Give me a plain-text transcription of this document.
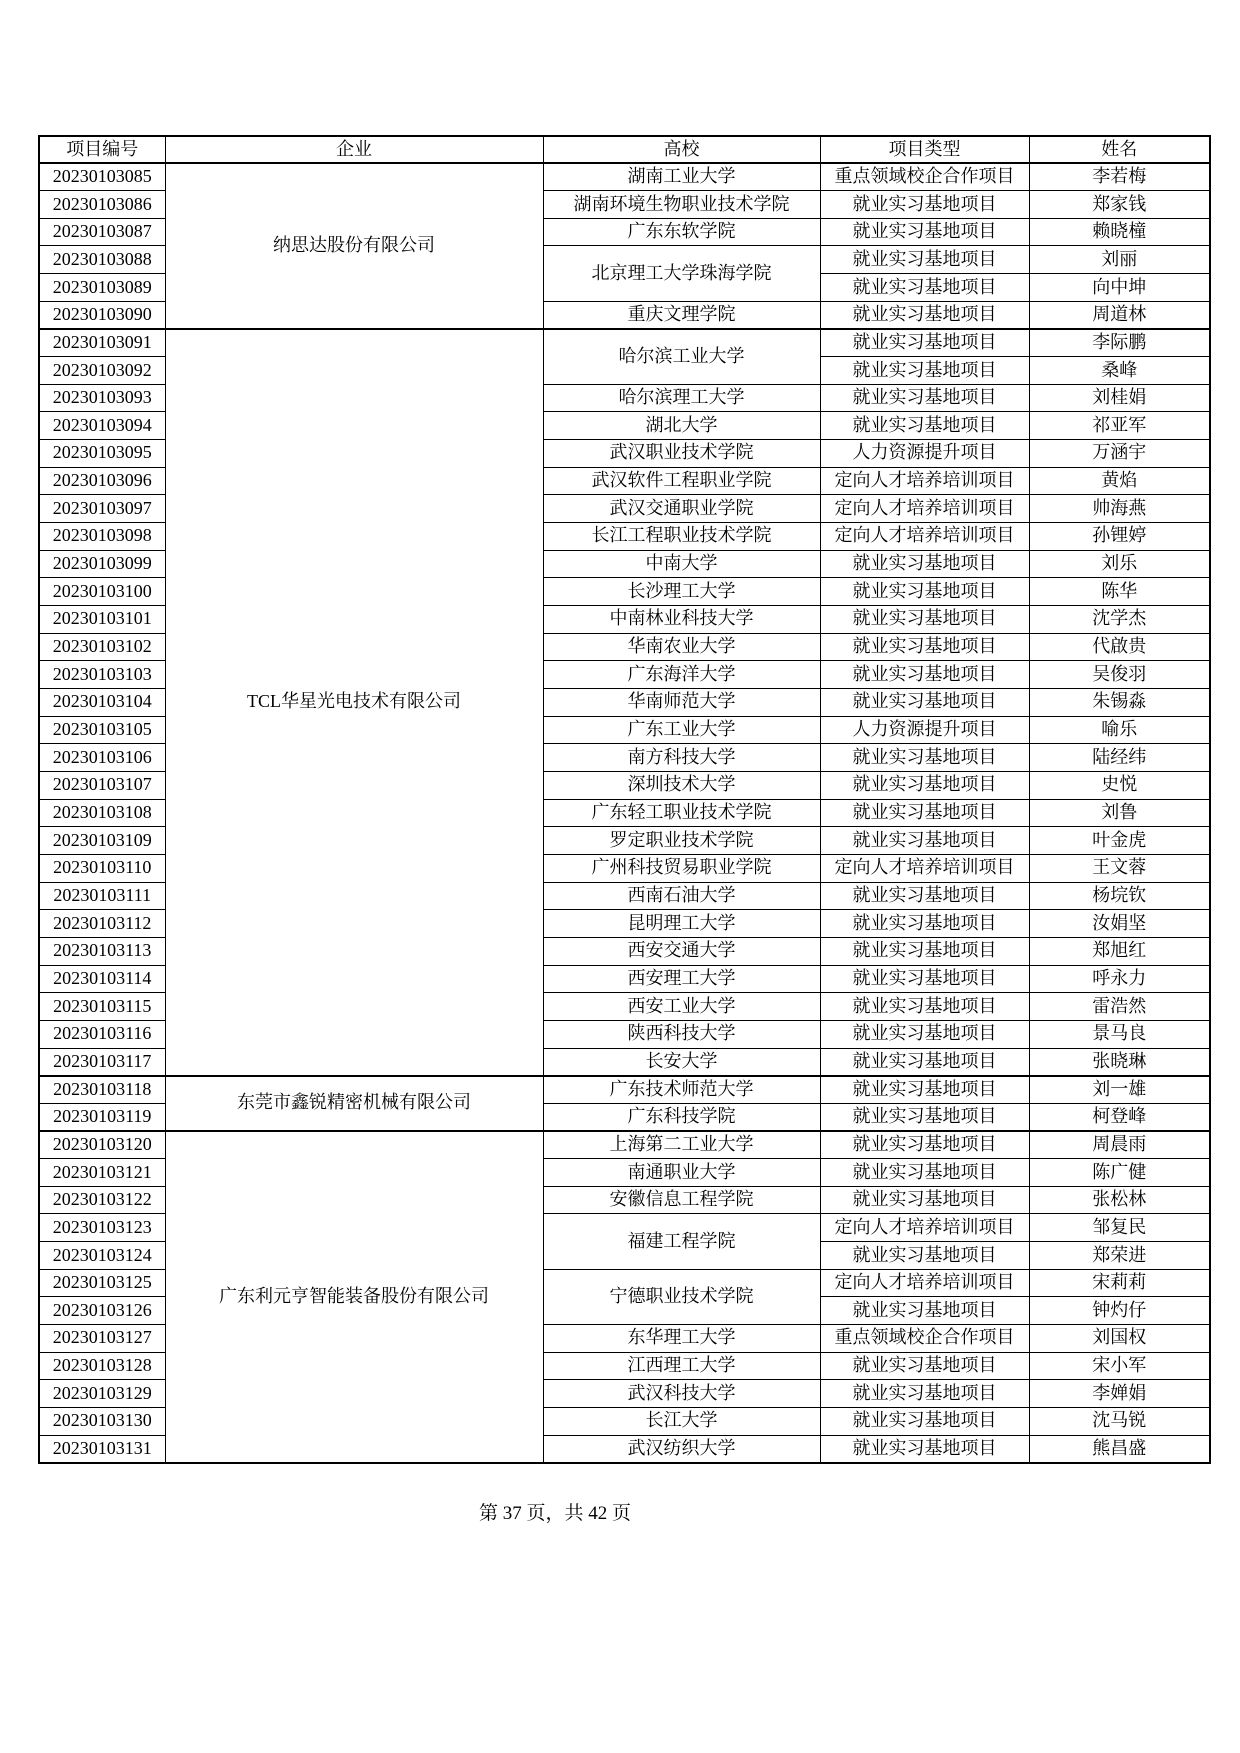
项目编号	企业	高校	项目类型	姓名
20230103085	纳思达股份有限公司	湖南工业大学	重点领域校企合作项目	李若梅
20230103086		湖南环境生物职业技术学院	就业实习基地项目	郑家钱
20230103087		广东东软学院	就业实习基地项目	赖晓橦
20230103088		北京理工大学珠海学院	就业实习基地项目	刘丽
20230103089			就业实习基地项目	向中坤
20230103090		重庆文理学院	就业实习基地项目	周道林
20230103091	TCL华星光电技术有限公司	哈尔滨工业大学	就业实习基地项目	李际鹏
20230103092			就业实习基地项目	桑峰
20230103093		哈尔滨理工大学	就业实习基地项目	刘桂娟
20230103094		湖北大学	就业实习基地项目	祁亚军
20230103095		武汉职业技术学院	人力资源提升项目	万涵宇
20230103096		武汉软件工程职业学院	定向人才培养培训项目	黄焰
20230103097		武汉交通职业学院	定向人才培养培训项目	帅海燕
20230103098		长江工程职业技术学院	定向人才培养培训项目	孙锂婷
20230103099		中南大学	就业实习基地项目	刘乐
20230103100		长沙理工大学	就业实习基地项目	陈华
20230103101		中南林业科技大学	就业实习基地项目	沈学杰
20230103102		华南农业大学	就业实习基地项目	代啟贵
20230103103		广东海洋大学	就业实习基地项目	吴俊羽
20230103104		华南师范大学	就业实习基地项目	朱锡淼
20230103105		广东工业大学	人力资源提升项目	喻乐
20230103106		南方科技大学	就业实习基地项目	陆经纬
20230103107		深圳技术大学	就业实习基地项目	史悦
20230103108		广东轻工职业技术学院	就业实习基地项目	刘鲁
20230103109		罗定职业技术学院	就业实习基地项目	叶金虎
20230103110		广州科技贸易职业学院	定向人才培养培训项目	王文蓉
20230103111		西南石油大学	就业实习基地项目	杨垸钦
20230103112		昆明理工大学	就业实习基地项目	汝娟坚
20230103113		西安交通大学	就业实习基地项目	郑旭红
20230103114		西安理工大学	就业实习基地项目	呼永力
20230103115		西安工业大学	就业实习基地项目	雷浩然
20230103116		陕西科技大学	就业实习基地项目	景马良
20230103117		长安大学	就业实习基地项目	张晓琳
20230103118	东莞市鑫锐精密机械有限公司	广东技术师范大学	就业实习基地项目	刘一雄
20230103119		广东科技学院	就业实习基地项目	柯登峰
20230103120	广东利元亨智能装备股份有限公司	上海第二工业大学	就业实习基地项目	周晨雨
20230103121		南通职业大学	就业实习基地项目	陈广健
20230103122		安徽信息工程学院	就业实习基地项目	张松林
20230103123		福建工程学院	定向人才培养培训项目	邹复民
20230103124			就业实习基地项目	郑荣进
20230103125		宁德职业技术学院	定向人才培养培训项目	宋莉莉
20230103126			就业实习基地项目	钟灼仔
20230103127		东华理工大学	重点领域校企合作项目	刘国权
20230103128		江西理工大学	就业实习基地项目	宋小军
20230103129		武汉科技大学	就业实习基地项目	李婵娟
20230103130		长江大学	就业实习基地项目	沈马锐
20230103131		武汉纺织大学	就业实习基地项目	熊昌盛
第 37 页，共 42 页
